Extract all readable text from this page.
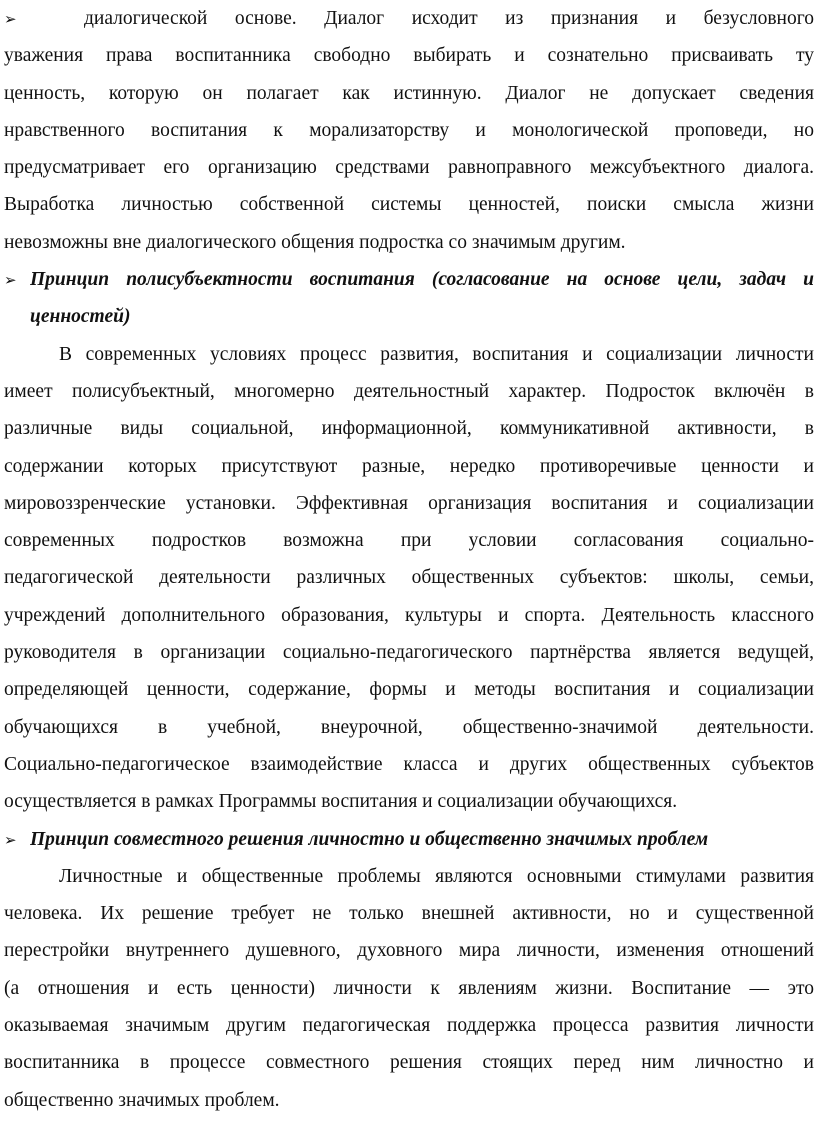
➢	диалогической основе. Диалог исходит из признания и безусловного
уважения права воспитанника свободно выбирать и сознательно присваивать ту
ценность, которую он полагает как истинную. Диалог не допускает сведения
нравственного воспитания к морализаторству и монологической проповеди, но
предусматривает его организацию средствами равноправного межсубъектного диалога.
Выработка личностью собственной системы ценностей, поиски смысла жизни
невозможны вне диалогического общения подростка со значимым другим.
➢ Принцип полисубъектности воспитания (согласование на основе цели, задач и
ценностей)
В современных условиях процесс развития, воспитания и социализации личности
имеет полисубъектный, многомерно деятельностный характер. Подросток включён в
различные виды социальной, информационной, коммуникативной активности, в
содержании которых присутствуют разные, нередко противоречивые ценности и
мировоззренческие установки. Эффективная организация воспитания и социализации
современных подростков возможна при условии согласования социально-
педагогической деятельности различных общественных субъектов: школы, семьи,
учреждений дополнительного образования, культуры и спорта. Деятельность классного
руководителя в организации социально-педагогического партнёрства является ведущей,
определяющей ценности, содержание, формы и методы воспитания и социализации
обучающихся в учебной, внеурочной, общественно-значимой деятельности.
Социально-педагогическое взаимодействие класса и других общественных субъектов
осуществляется в рамках Программы воспитания и социализации обучающихся.
➢ Принцип совместного решения личностно и общественно значимых проблем
Личностные и общественные проблемы являются основными стимулами развития
человека. Их решение требует не только внешней активности, но и существенной
перестройки внутреннего душевного, духовного мира личности, изменения отношений
(а отношения и есть ценности) личности к явлениям жизни. Воспитание — это
оказываемая значимым другим педагогическая поддержка процесса развития личности
воспитанника в процессе совместного решения стоящих перед ним личностно и
общественно значимых проблем.
